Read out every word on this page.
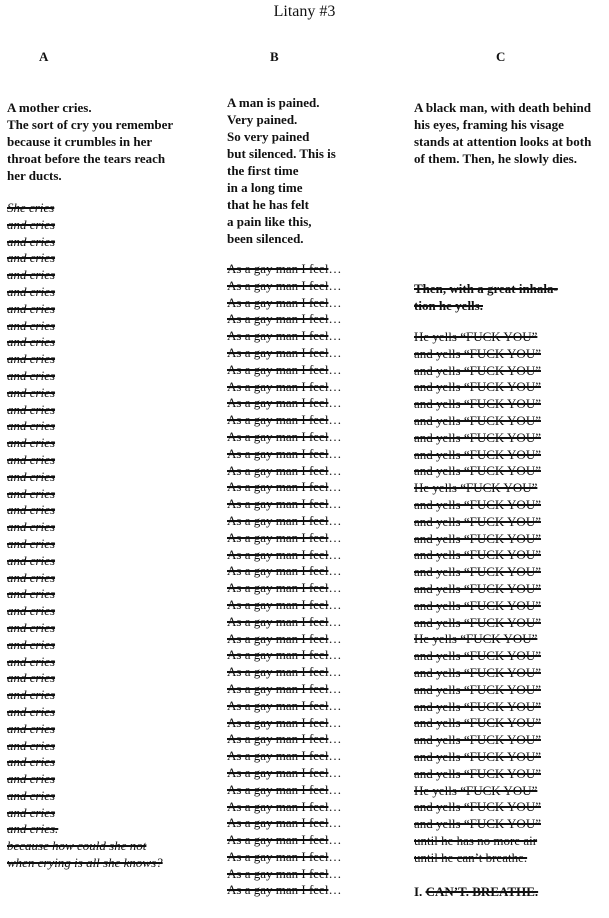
Litany #3
A
A mother cries.
The sort of cry you remember
because it crumbles in her
throat before the tears reach
her ducts.
She cries
and cries
and cries
and cries
and cries
and cries
and cries
and cries
and cries
and cries
and cries
and cries
and cries
and cries
and cries
and cries
and cries
and cries
and cries
and cries
and cries
and cries
and cries
and cries
and cries
and cries
and cries
and cries
and cries
and cries
and cries
and cries
and cries
and cries
and cries
and cries
and cries
and cries.
because how could she not
when crying is all she knows?
B
A man is pained.
Very pained.
So very pained
but silenced. This is
the first time
in a long time
that he has felt
a pain like this,
been silenced.
As a gay man I feel…
As a gay man I feel…
As a gay man I feel…
As a gay man I feel…
As a gay man I feel…
As a gay man I feel…
As a gay man I feel…
As a gay man I feel…
As a gay man I feel…
As a gay man I feel…
As a gay man I feel…
As a gay man I feel…
As a gay man I feel…
As a gay man I feel…
As a gay man I feel…
As a gay man I feel…
As a gay man I feel…
As a gay man I feel…
As a gay man I feel…
As a gay man I feel…
As a gay man I feel…
As a gay man I feel…
As a gay man I feel…
As a gay man I feel…
As a gay man I feel…
As a gay man I feel…
As a gay man I feel…
As a gay man I feel…
As a gay man I feel…
As a gay man I feel…
As a gay man I feel…
As a gay man I feel…
As a gay man I feel…
As a gay man I feel…
As a gay man I feel…
As a gay man I feel…
As a gay man I feel…
As a gay man I feel…
C
A black man, with death behind
his eyes, framing his visage
stands at attention looks at both
of them. Then, he slowly dies.
Then, with a great inhala-
tion he yells.
He yells “FUCK YOU”
and yells “FUCK YOU”
and yells “FUCK YOU”
and yells “FUCK YOU”
and yells “FUCK YOU”
and yells “FUCK YOU”
and yells “FUCK YOU”
and yells “FUCK YOU”
and yells “FUCK YOU”
He yells “FUCK YOU”
and yells “FUCK YOU”
and yells “FUCK YOU”
and yells “FUCK YOU”
and yells “FUCK YOU”
and yells “FUCK YOU”
and yells “FUCK YOU”
and yells “FUCK YOU”
and yells “FUCK YOU”
He yells “FUCK YOU”
and yells “FUCK YOU”
and yells “FUCK YOU”
and yells “FUCK YOU”
and yells “FUCK YOU”
and yells “FUCK YOU”
and yells “FUCK YOU”
and yells “FUCK YOU”
and yells “FUCK YOU”
He yells “FUCK YOU”
and yells “FUCK YOU”
and yells “FUCK YOU”
until he has no more air
until he can’t breathe.
I. CAN’T. BREATHE.
